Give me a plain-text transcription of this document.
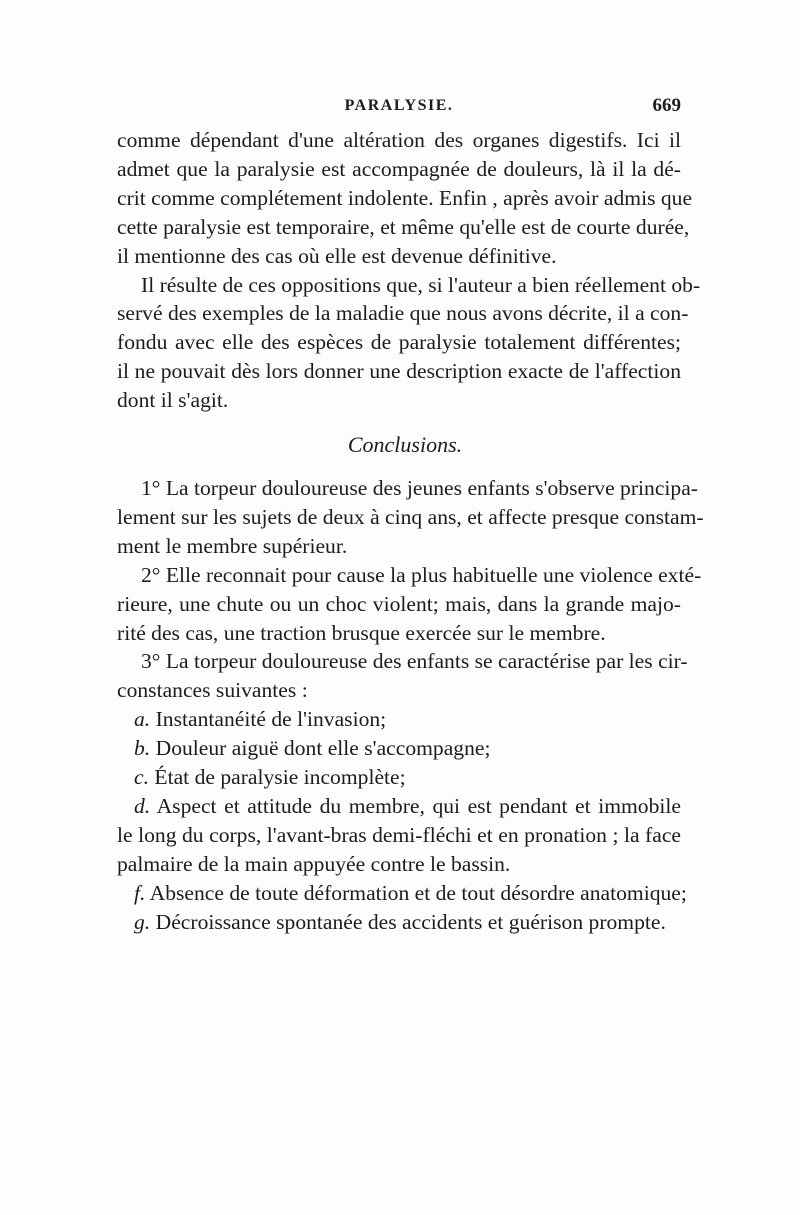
PARALYSIE.	669
comme dépendant d'une altération des organes digestifs. Ici il
admet que la paralysie est accompagnée de douleurs, là il la dé-
crit comme complétement indolente. Enfin , après avoir admis que
cette paralysie est temporaire, et même qu'elle est de courte durée,
il mentionne des cas où elle est devenue définitive.
Il résulte de ces oppositions que, si l'auteur a bien réellement ob-
servé des exemples de la maladie que nous avons décrite, il a con-
fondu avec elle des espèces de paralysie totalement différentes;
il ne pouvait dès lors donner une description exacte de l'affection
dont il s'agit.
Conclusions.
1° La torpeur douloureuse des jeunes enfants s'observe principa-
lement sur les sujets de deux à cinq ans, et affecte presque constam-
ment le membre supérieur.
2° Elle reconnait pour cause la plus habituelle une violence exté-
rieure, une chute ou un choc violent; mais, dans la grande majo-
rité des cas, une traction brusque exercée sur le membre.
3° La torpeur douloureuse des enfants se caractérise par les cir-
constances suivantes :
a. Instantanéité de l'invasion;
b. Douleur aiguë dont elle s'accompagne;
c. État de paralysie incomplète;
d. Aspect et attitude du membre, qui est pendant et immobile
le long du corps, l'avant-bras demi-fléchi et en pronation ; la face
palmaire de la main appuyée contre le bassin.
f. Absence de toute déformation et de tout désordre anatomique;
g. Décroissance spontanée des accidents et guérison prompte.
